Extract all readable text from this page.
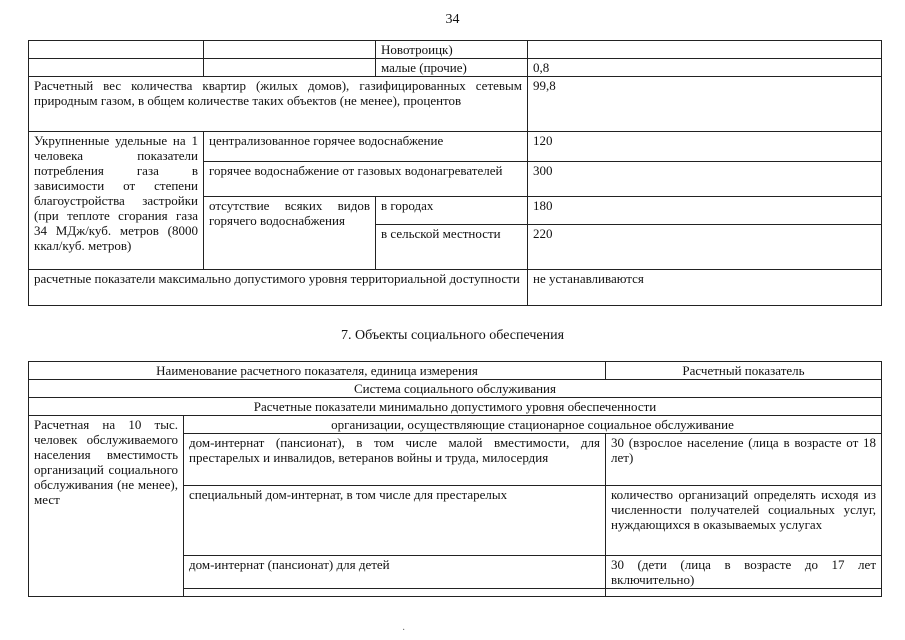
34
		Новотроицк)	
		малые (прочие)	0,8
Расчетный вес количества квартир (жилых домов), газифицированных сетевым природным газом, в общем количестве таких объектов (не менее), процентов			99,8
Укрупненные удельные на 1 человека показатели потребления газа в зависимости от степени благоустройства застройки (при теплоте сгорания газа 34 МДж/куб. метров (8000 ккал/куб. метров)	централизованное горячее водоснабжение		120
	горячее водоснабжение от газовых водонагревателей		300
	отсутствие всяких видов горячего водоснабжения	в городах	180
		в сельской местности	220
расчетные показатели максимально допустимого уровня территориальной доступности			не устанавливаются
7. Объекты социального обеспечения
Наименование расчетного показателя, единица измерения		Расчетный показатель
Система социального обслуживания		
Расчетные показатели минимально допустимого уровня обеспеченности		
Расчетная на 10 тыс. человек обслуживаемого населения вместимость организаций социального обслуживания (не менее), мест	организации, осуществляющие стационарное социальное обслуживание	
	дом-интернат (пансионат), в том числе малой вместимости, для престарелых и инвалидов, ветеранов войны и труда, милосердия	30 (взрослое население (лица в возрасте от 18 лет)
	специальный дом-интернат, в том числе для престарелых	количество организаций определять исходя из численности получателей социальных услуг, нуждающихся в оказываемых услугах
	дом-интернат (пансионат) для детей	30 (дети (лица в возрасте до 17 лет включительно)

·
